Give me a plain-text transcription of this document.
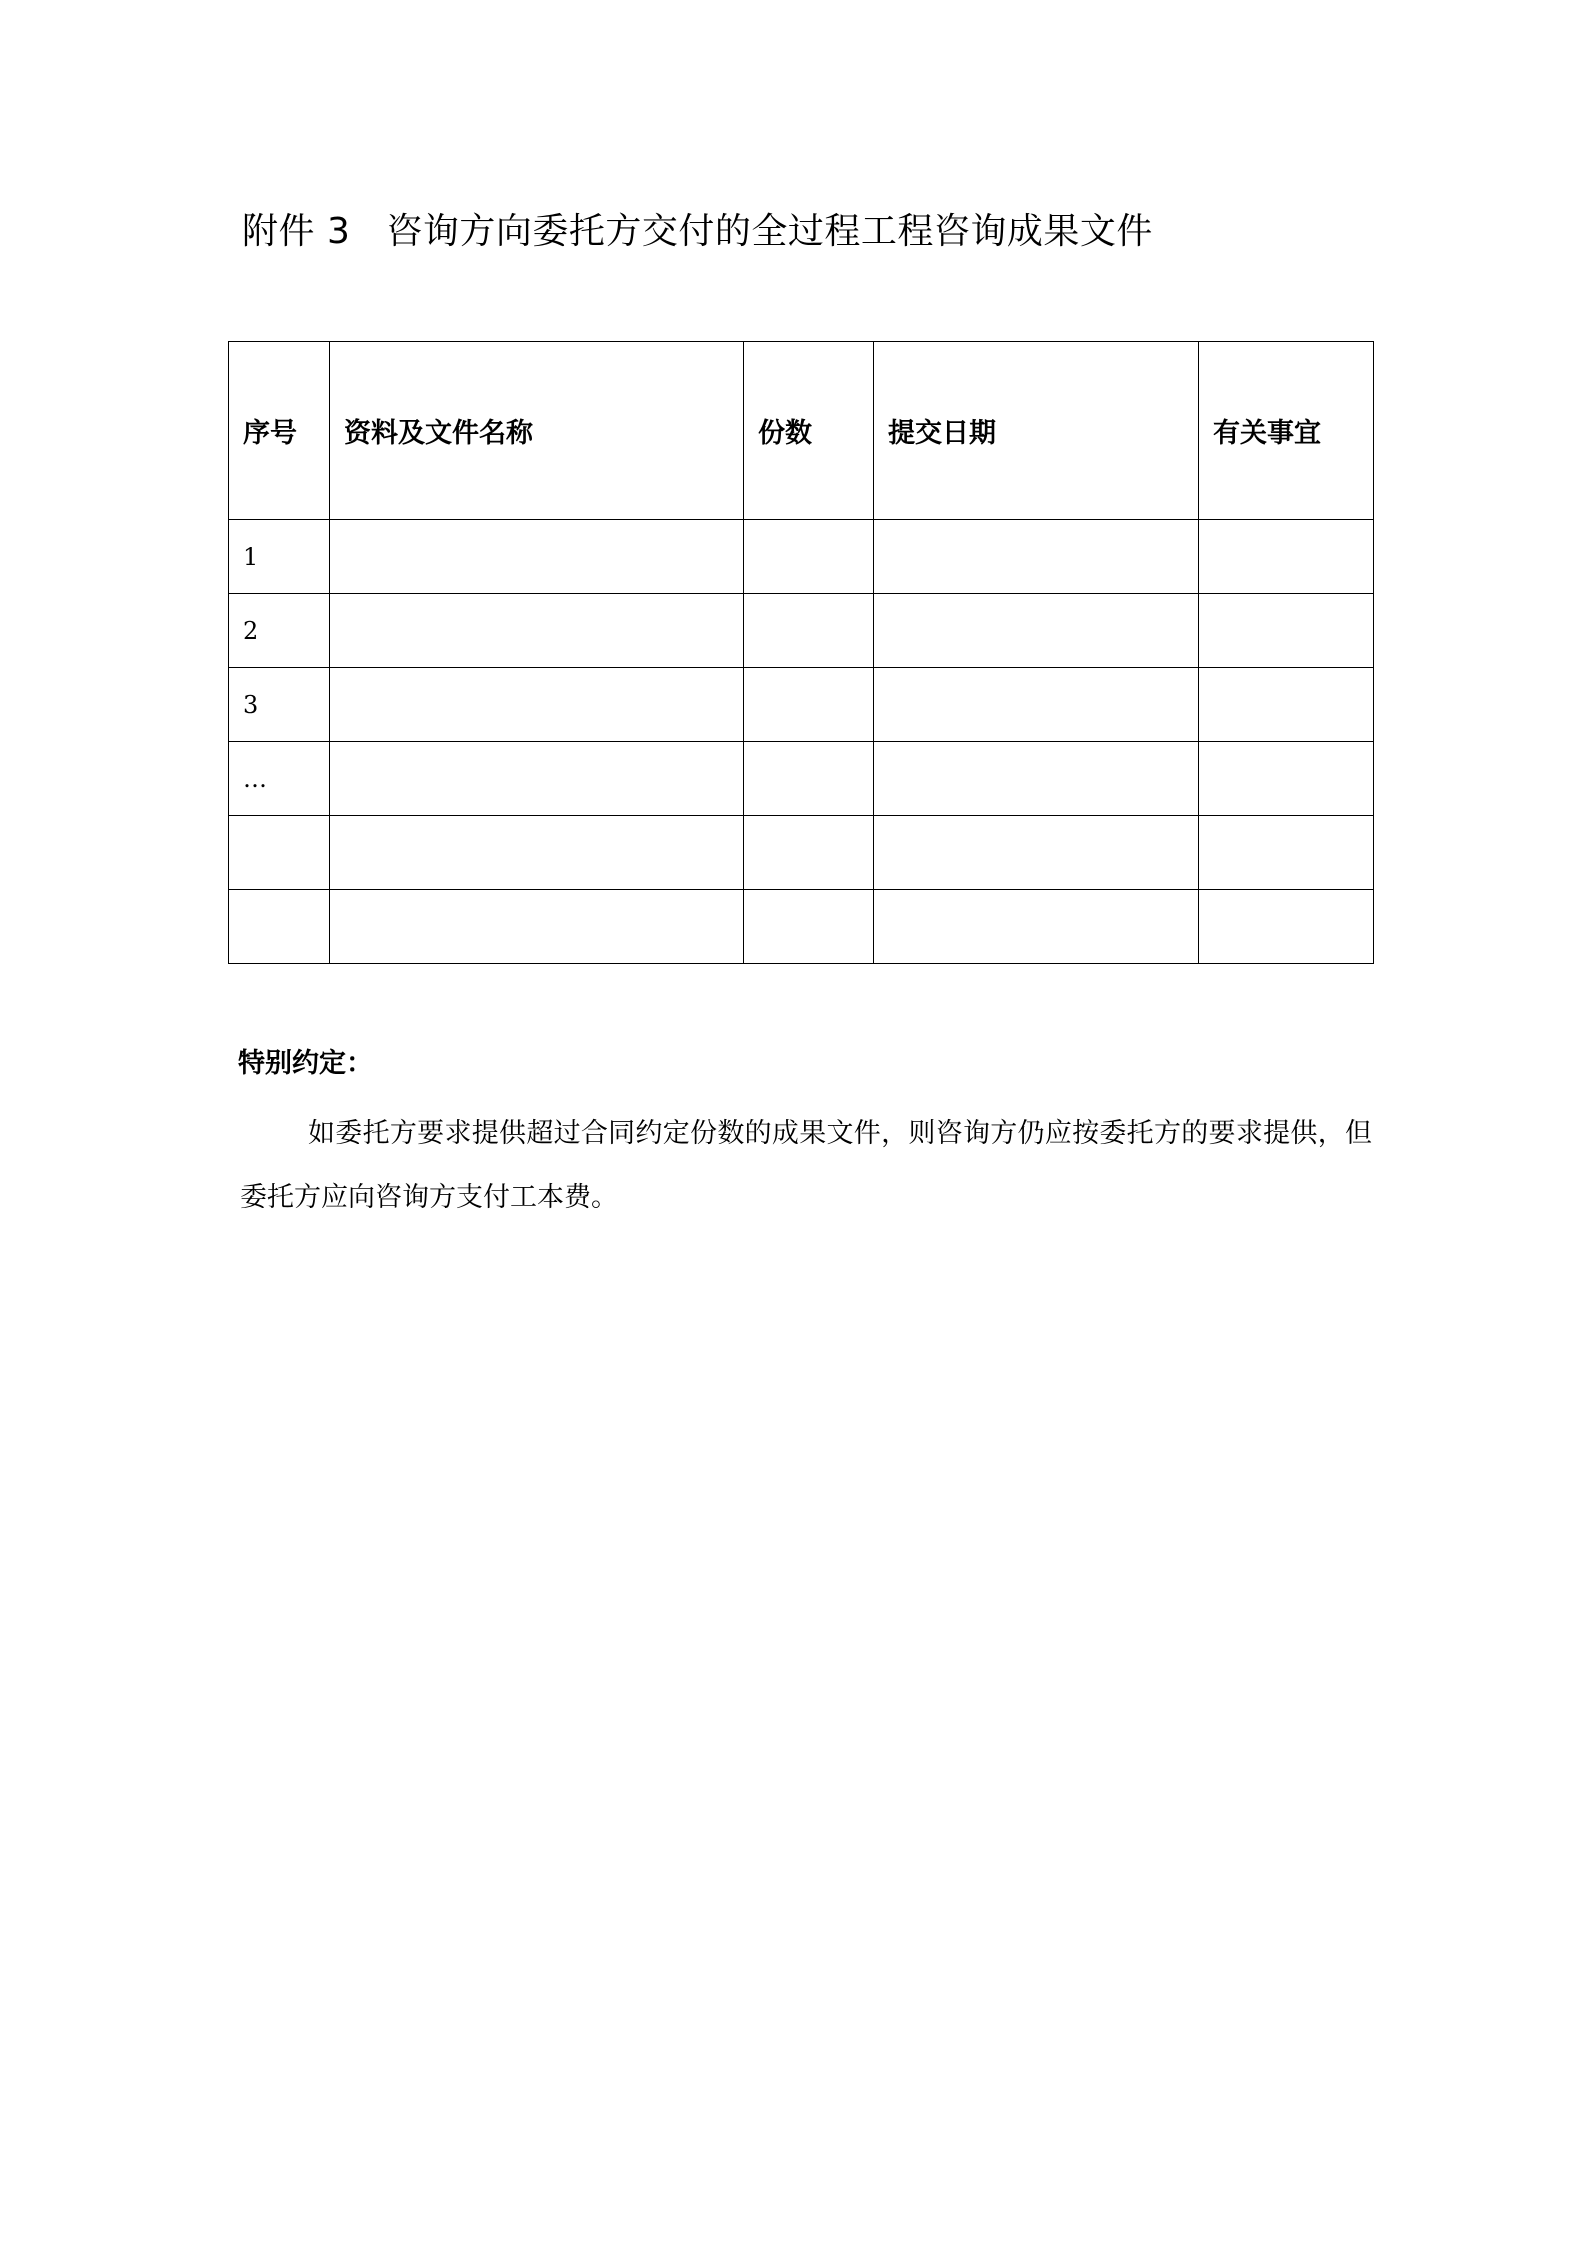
附件 3 咨询方向委托方交付的全过程工程咨询成果文件
序号	资料及文件名称	份数	提交日期	有关事宜
1				
2				
3				
…				

特别约定：

如委托方要求提供超过合同约定份数的成果文件，则咨询方仍应按委托方的要求提供，但委托方应向咨询方支付工本费。
